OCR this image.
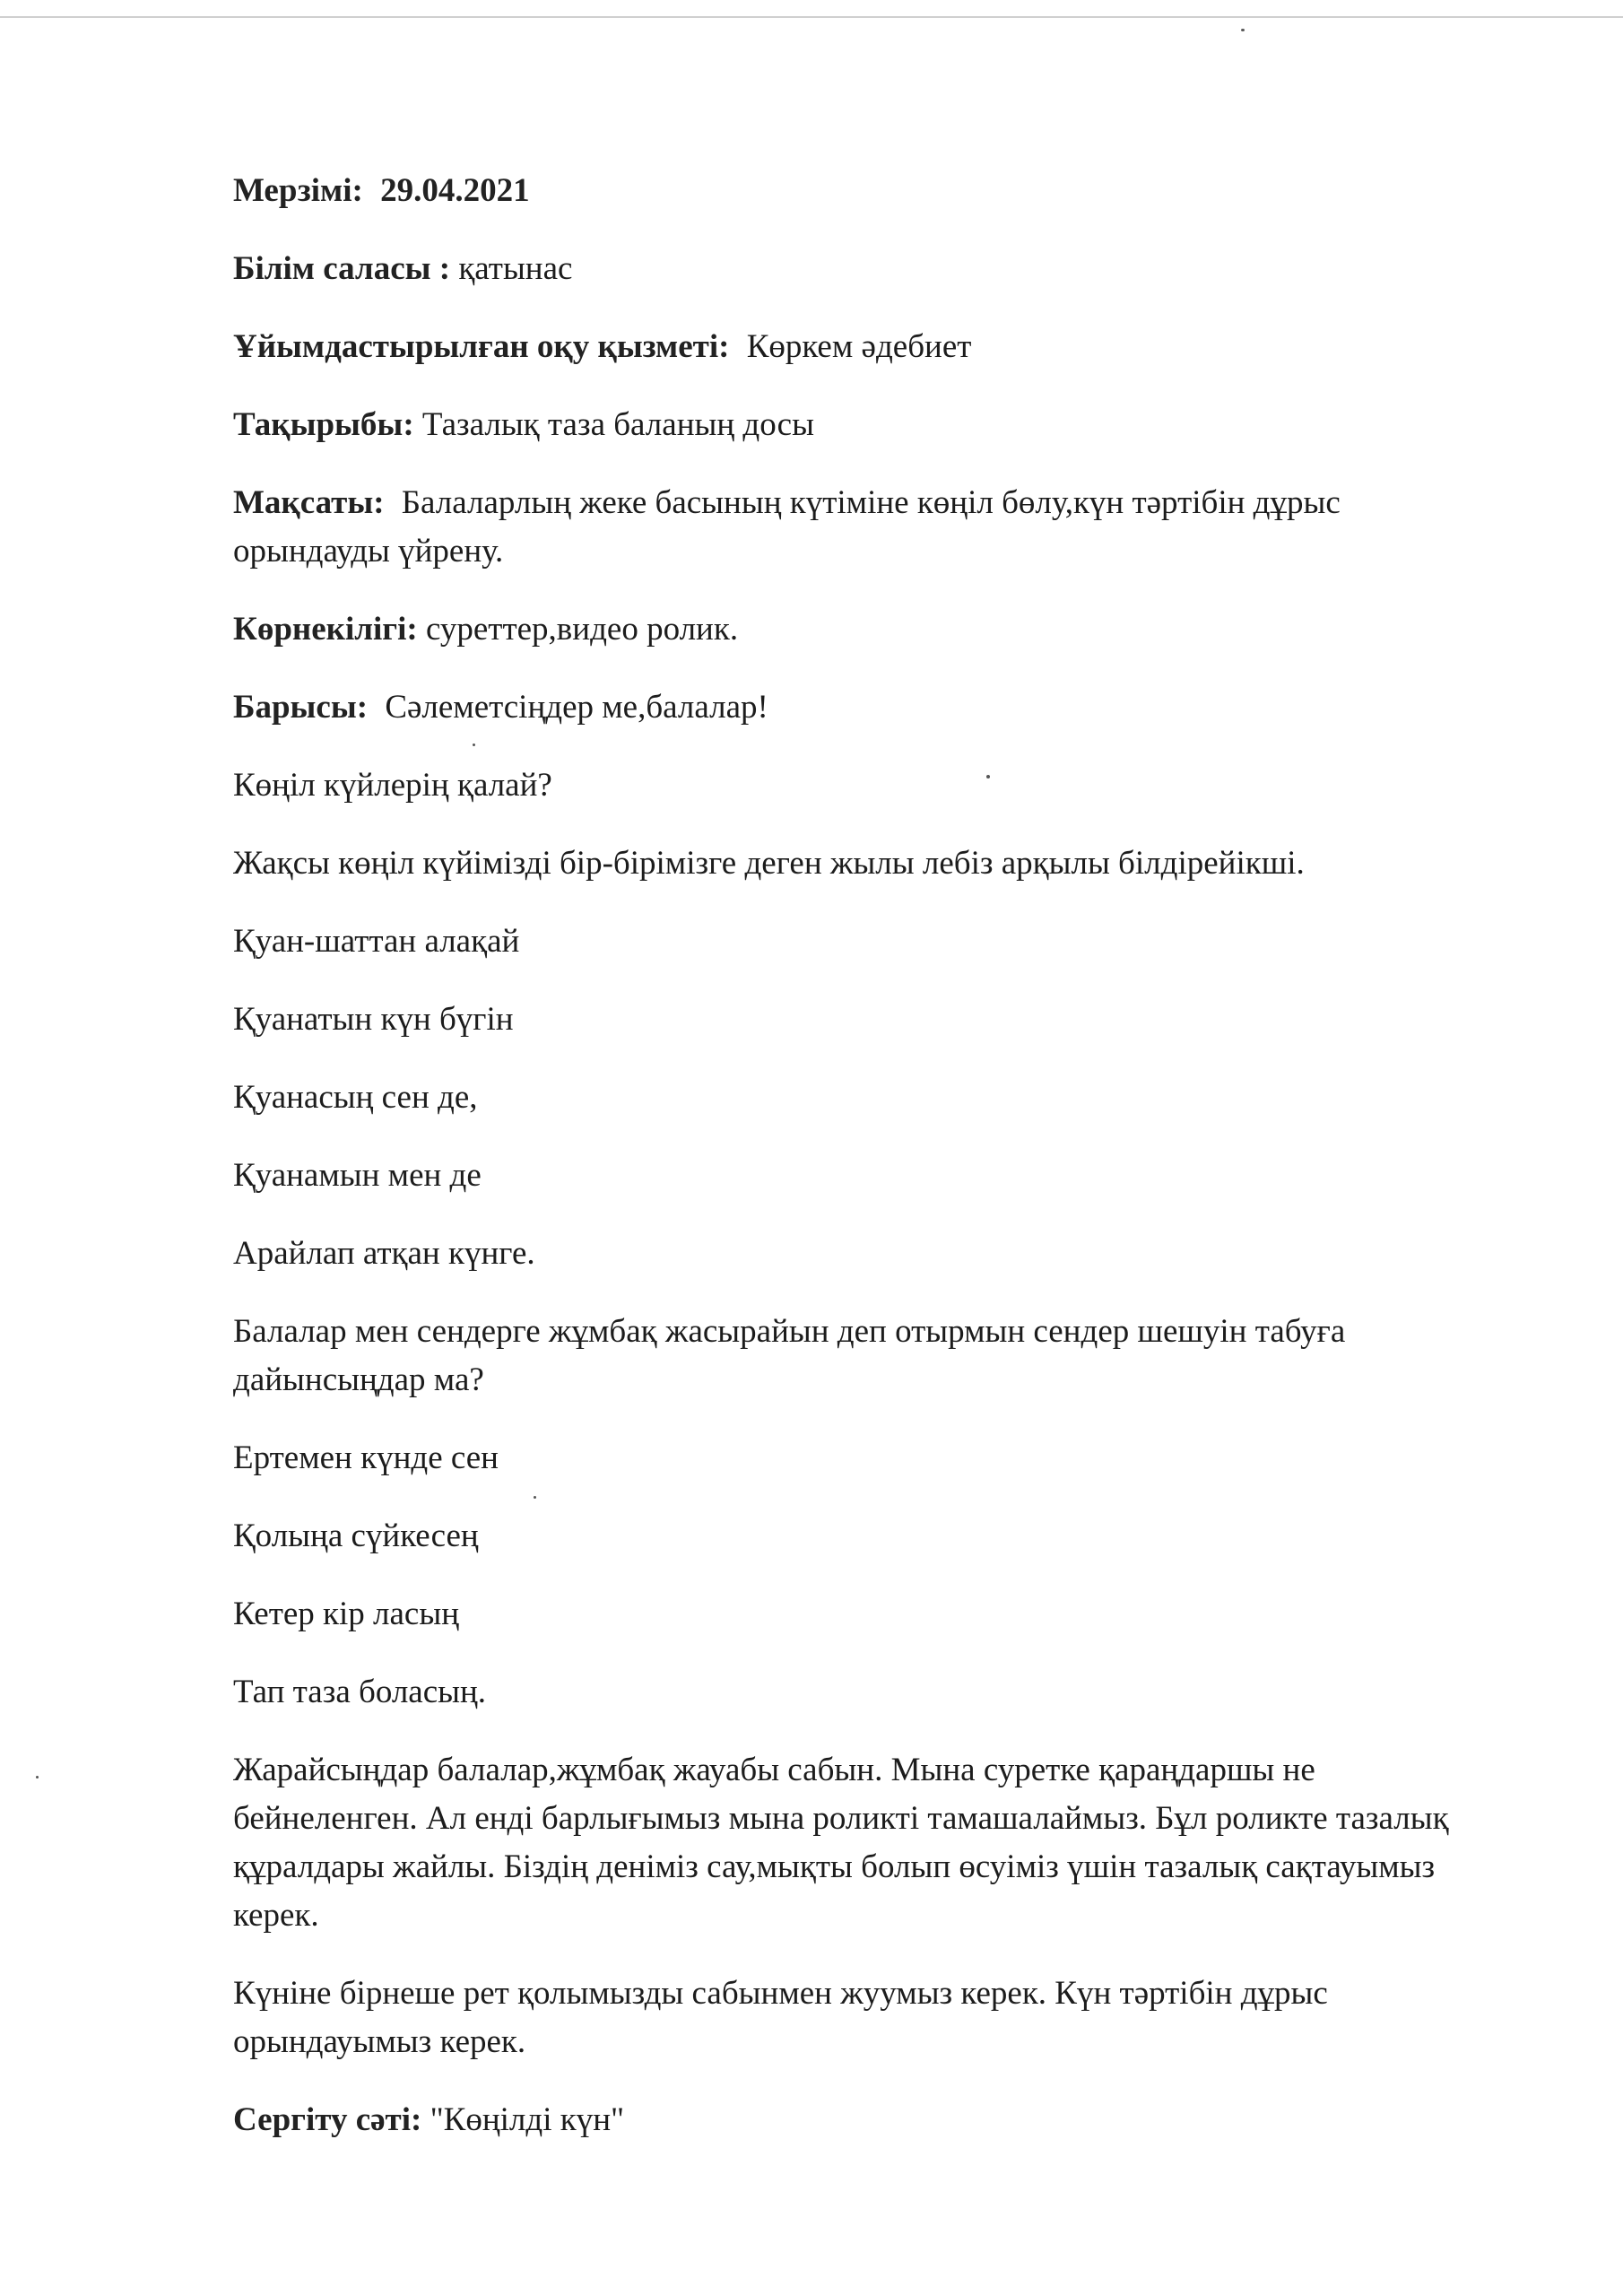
Мерзімі: 29.04.2021

Білім саласы : қатынас

Ұйымдастырылған оқу қызметі: Көркем әдебиет

Тақырыбы: Тазалық таза баланың досы

Мақсаты: Балаларлың жеке басының күтіміне көңіл бөлу,күн тәртібін дұрыс орындауды үйрену.

Көрнекілігі: суреттер,видео ролик.

Барысы: Сәлеметсіңдер ме,балалар!

Көңіл күйлерің қалай?

Жақсы көңіл күйімізді бір-бірімізге деген жылы лебіз арқылы білдірейікші.

Қуан-шаттан алақай

Қуанатын күн бүгін

Қуанасың сен де,

Қуанамын мен де

Арайлап атқан күнге.

Балалар мен сендерге жұмбақ жасырайын деп отырмын сендер шешуін табуға дайынсыңдар ма?

Ертемен күнде сен

Қолыңа сүйкесең

Кетер кір ласың

Тап таза боласың.

Жарайсыңдар балалар,жұмбақ жауабы сабын. Мына суретке қараңдаршы не бейнеленген. Ал енді барлығымыз мына роликті тамашалаймыз. Бұл роликте тазалық құралдары жайлы. Біздің деніміз сау,мықты болып өсуіміз үшін тазалық сақтауымыз керек.

Күніне бірнеше рет қолымызды сабынмен жуумыз керек. Күн тәртібін дұрыс орындауымыз керек.

Сергіту сәті: "Көңілді күн"
